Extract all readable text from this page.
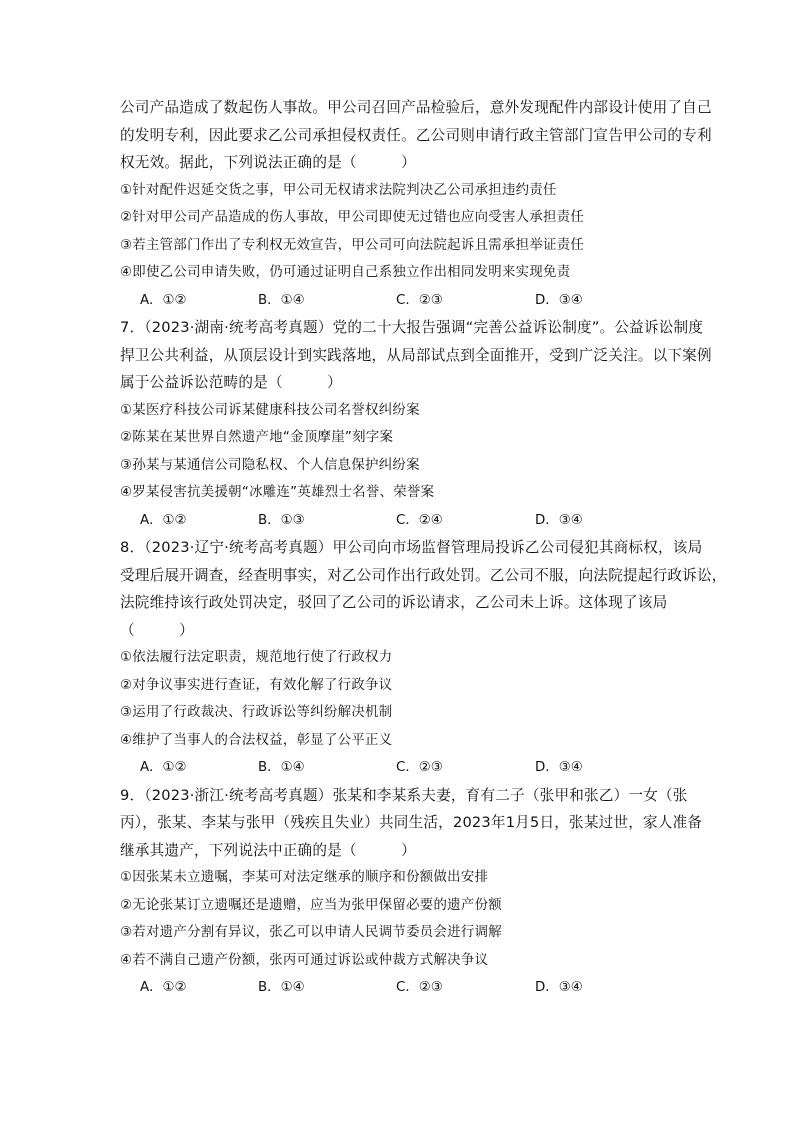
公司产品造成了数起伤人事故。甲公司召回产品检验后，意外发现配件内部设计使用了自己
的发明专利，因此要求乙公司承担侵权责任。乙公司则申请行政主管部门宣告甲公司的专利
权无效。据此，下列说法正确的是（　　　）

①针对配件迟延交货之事，甲公司无权请求法院判决乙公司承担违约责任

②针对甲公司产品造成的伤人事故，甲公司即使无过错也应向受害人承担责任

③若主管部门作出了专利权无效宣告，甲公司可向法院起诉且需承担举证责任

④即使乙公司申请失败，仍可通过证明自己系独立作出相同发明来实现免责

A．①②	B．①④	C．②③	D．③④

7．（2023·湖南·统考高考真题）党的二十大报告强调“完善公益诉讼制度”。公益诉讼制度
捍卫公共利益，从顶层设计到实践落地，从局部试点到全面推开，受到广泛关注。以下案例
属于公益诉讼范畴的是（　　　）

①某医疗科技公司诉某健康科技公司名誉权纠纷案

②陈某在某世界自然遗产地“金顶摩崖”刻字案

③孙某与某通信公司隐私权、个人信息保护纠纷案

④罗某侵害抗美援朝“冰雕连”英雄烈士名誉、荣誉案

A．①②	B．①③	C．②④	D．③④

8．（2023·辽宁·统考高考真题）甲公司向市场监督管理局投诉乙公司侵犯其商标权，该局
受理后展开调查，经查明事实，对乙公司作出行政处罚。乙公司不服，向法院提起行政诉讼，
法院维持该行政处罚决定，驳回了乙公司的诉讼请求，乙公司未上诉。这体现了该局
（　　　）

①依法履行法定职责，规范地行使了行政权力

②对争议事实进行查证，有效化解了行政争议

③运用了行政裁决、行政诉讼等纠纷解决机制

④维护了当事人的合法权益，彰显了公平正义

A．①②	B．①④	C．②③	D．③④

9．（2023·浙江·统考高考真题）张某和李某系夫妻，育有二子（张甲和张乙）一女（张
丙），张某、李某与张甲（残疾且失业）共同生活，2023年1月5日，张某过世，家人准备
继承其遗产，下列说法中正确的是（　　　）

①因张某未立遗嘱，李某可对法定继承的顺序和份额做出安排

②无论张某订立遗嘱还是遗赠，应当为张甲保留必要的遗产份额

③若对遗产分割有异议，张乙可以申请人民调节委员会进行调解

④若不满自己遗产份额，张丙可通过诉讼或仲裁方式解决争议

A．①②	B．①④	C．②③	D．③④
